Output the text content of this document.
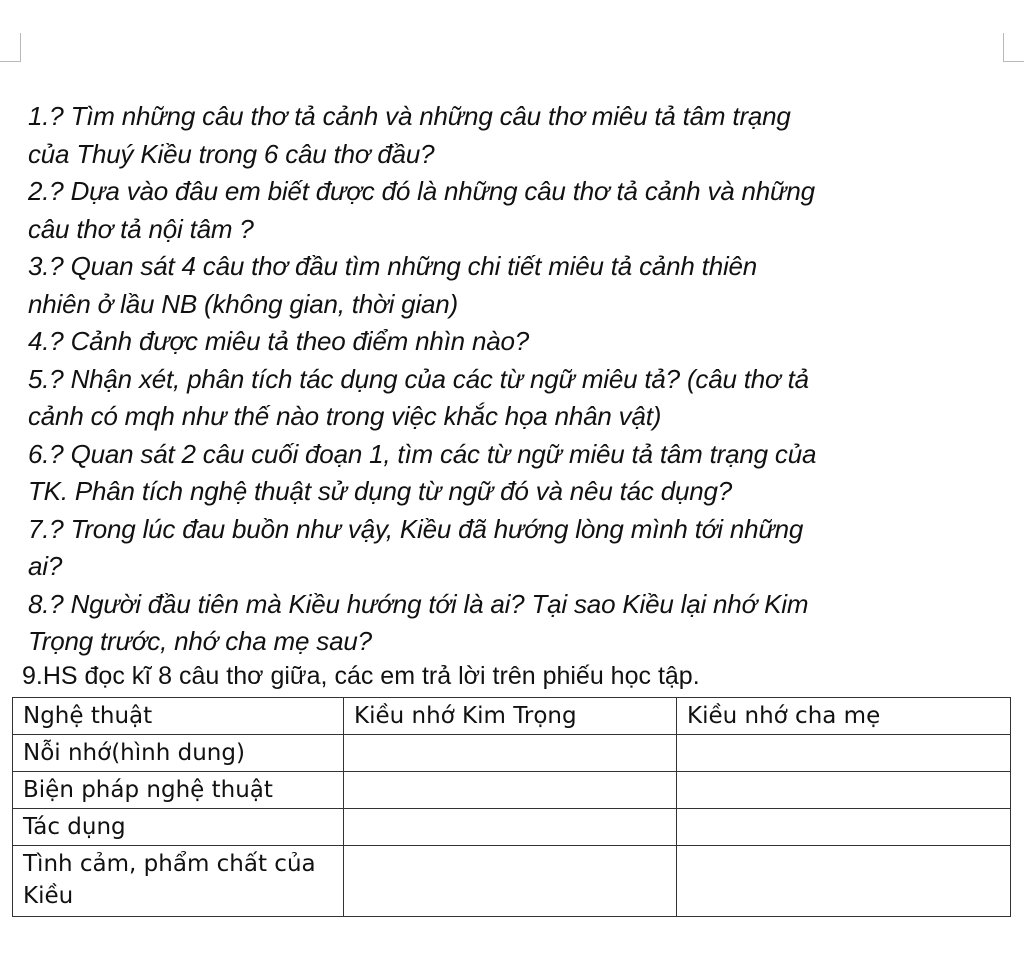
1.? Tìm những câu thơ tả cảnh và những câu thơ miêu tả tâm trạng
của Thuý Kiều trong 6 câu thơ đầu?
2.? Dựa vào đâu em biết được đó là những câu thơ tả cảnh và những
câu thơ tả nội tâm ?
3.? Quan sát 4 câu thơ đầu tìm những chi tiết miêu tả cảnh thiên
nhiên ở lầu NB (không gian, thời gian)
4.? Cảnh được miêu tả theo điểm nhìn nào?
5.? Nhận xét, phân tích tác dụng của các từ ngữ miêu tả? (câu thơ tả
cảnh có mqh như thế nào trong việc khắc họa nhân vật)
6.? Quan sát 2 câu cuối đoạn 1, tìm các từ ngữ miêu tả tâm trạng của
TK. Phân tích nghệ thuật sử dụng từ ngữ đó và nêu tác dụng?
7.? Trong lúc đau buồn như vậy, Kiều đã hướng lòng mình tới những
ai?
8.? Người đầu tiên mà Kiều hướng tới là ai? Tại sao Kiều lại nhớ Kim
Trọng trước, nhớ cha mẹ sau?
9.HS đọc kĩ 8 câu thơ giữa, các em trả lời trên phiếu học tập.
Nghệ thuật	Kiều nhớ Kim Trọng	Kiều nhớ cha mẹ
Nỗi nhớ(hình dung)		
Biện pháp nghệ thuật		
Tác dụng		
Tình cảm, phẩm chất của Kiều		
